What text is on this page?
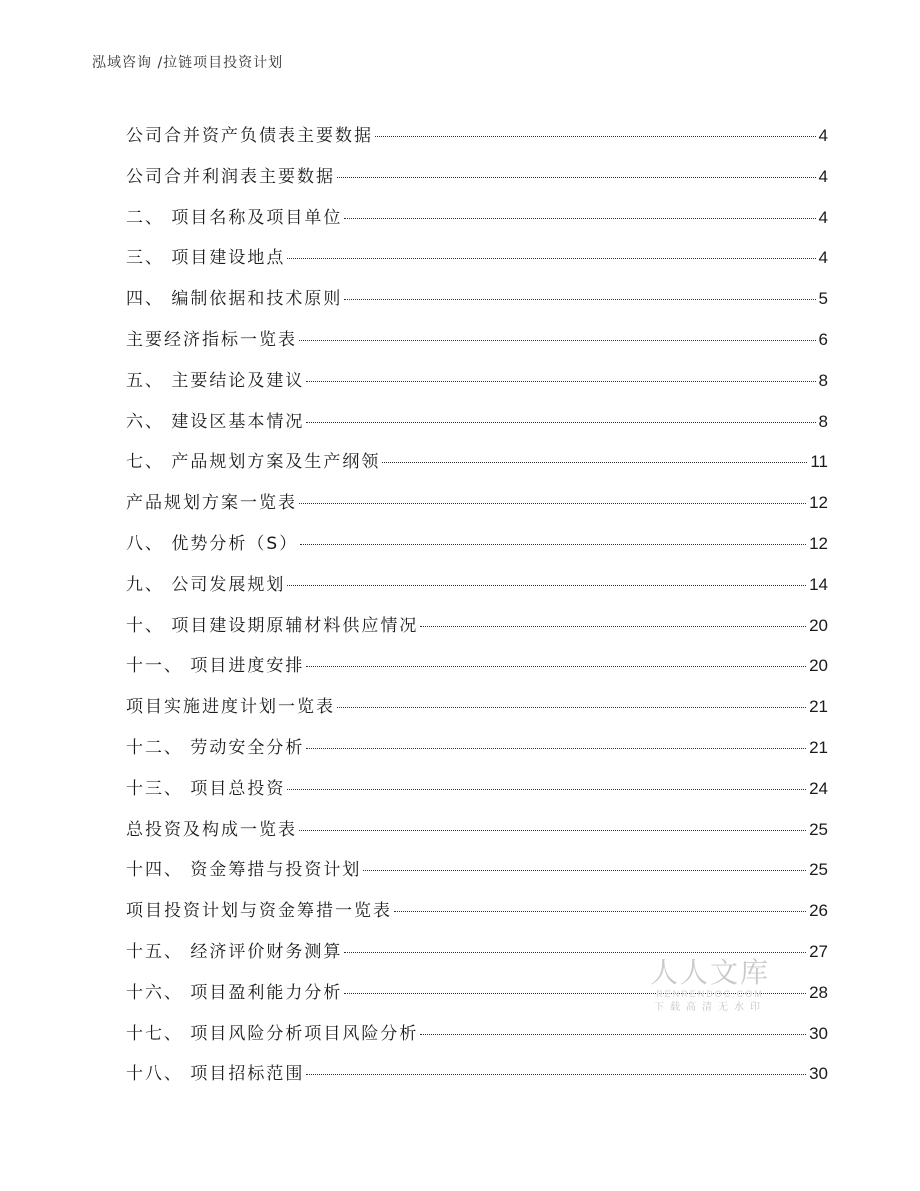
泓域咨询 /拉链项目投资计划
公司合并资产负债表主要数据	4
公司合并利润表主要数据	4
二、 项目名称及项目单位	4
三、 项目建设地点	4
四、 编制依据和技术原则	5
主要经济指标一览表	6
五、 主要结论及建议	8
六、 建设区基本情况	8
七、 产品规划方案及生产纲领	11
产品规划方案一览表	12
八、 优势分析（S）	12
九、 公司发展规划	14
十、 项目建设期原辅材料供应情况	20
十一、 项目进度安排	20
项目实施进度计划一览表	21
十二、 劳动安全分析	21
十三、 项目总投资	24
总投资及构成一览表	25
十四、 资金筹措与投资计划	25
项目投资计划与资金筹措一览表	26
十五、 经济评价财务测算	27
十六、 项目盈利能力分析	28
十七、 项目风险分析项目风险分析	30
十八、 项目招标范围	30
人人文库
RENRENDOC.COM
下载高清无水印
